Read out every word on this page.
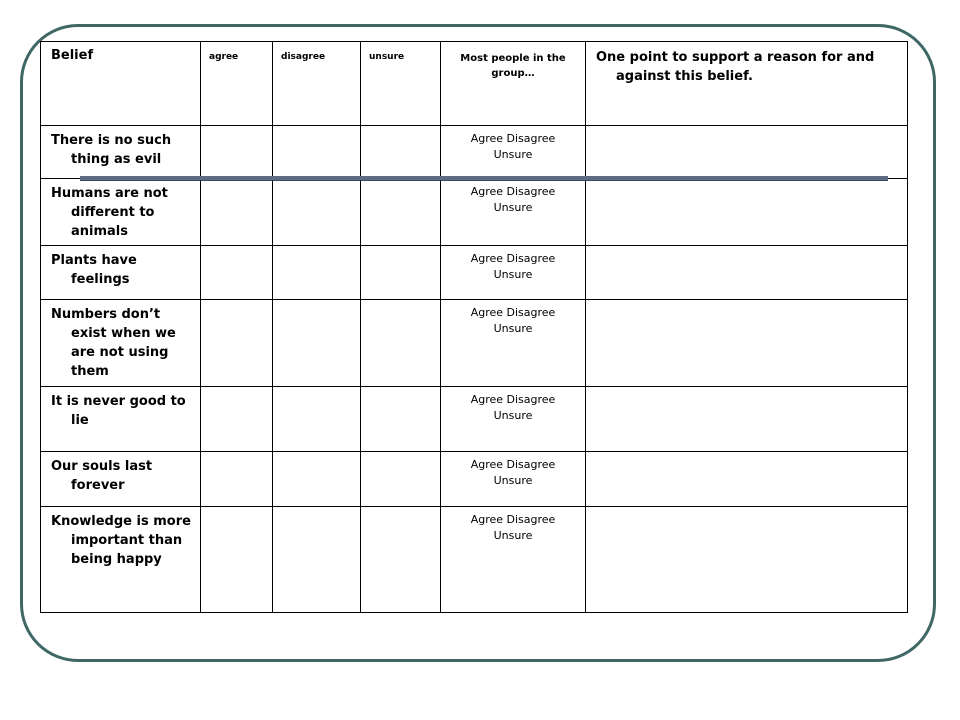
Belief	agree	disagree	unsure	Most people in the group…	One point to support a reason for and against this belief.
There is no such thing as evil				Agree Disagree
Unsure	

Humans are not different to animals				Agree Disagree
Unsure	

Plants have feelings				Agree Disagree
Unsure	

Numbers don’t exist when we are not using them				Agree Disagree
Unsure	

It is never good to lie				Agree Disagree
Unsure	

Our souls last forever				Agree Disagree
Unsure	

Knowledge is more important than being happy				Agree Disagree
Unsure	
